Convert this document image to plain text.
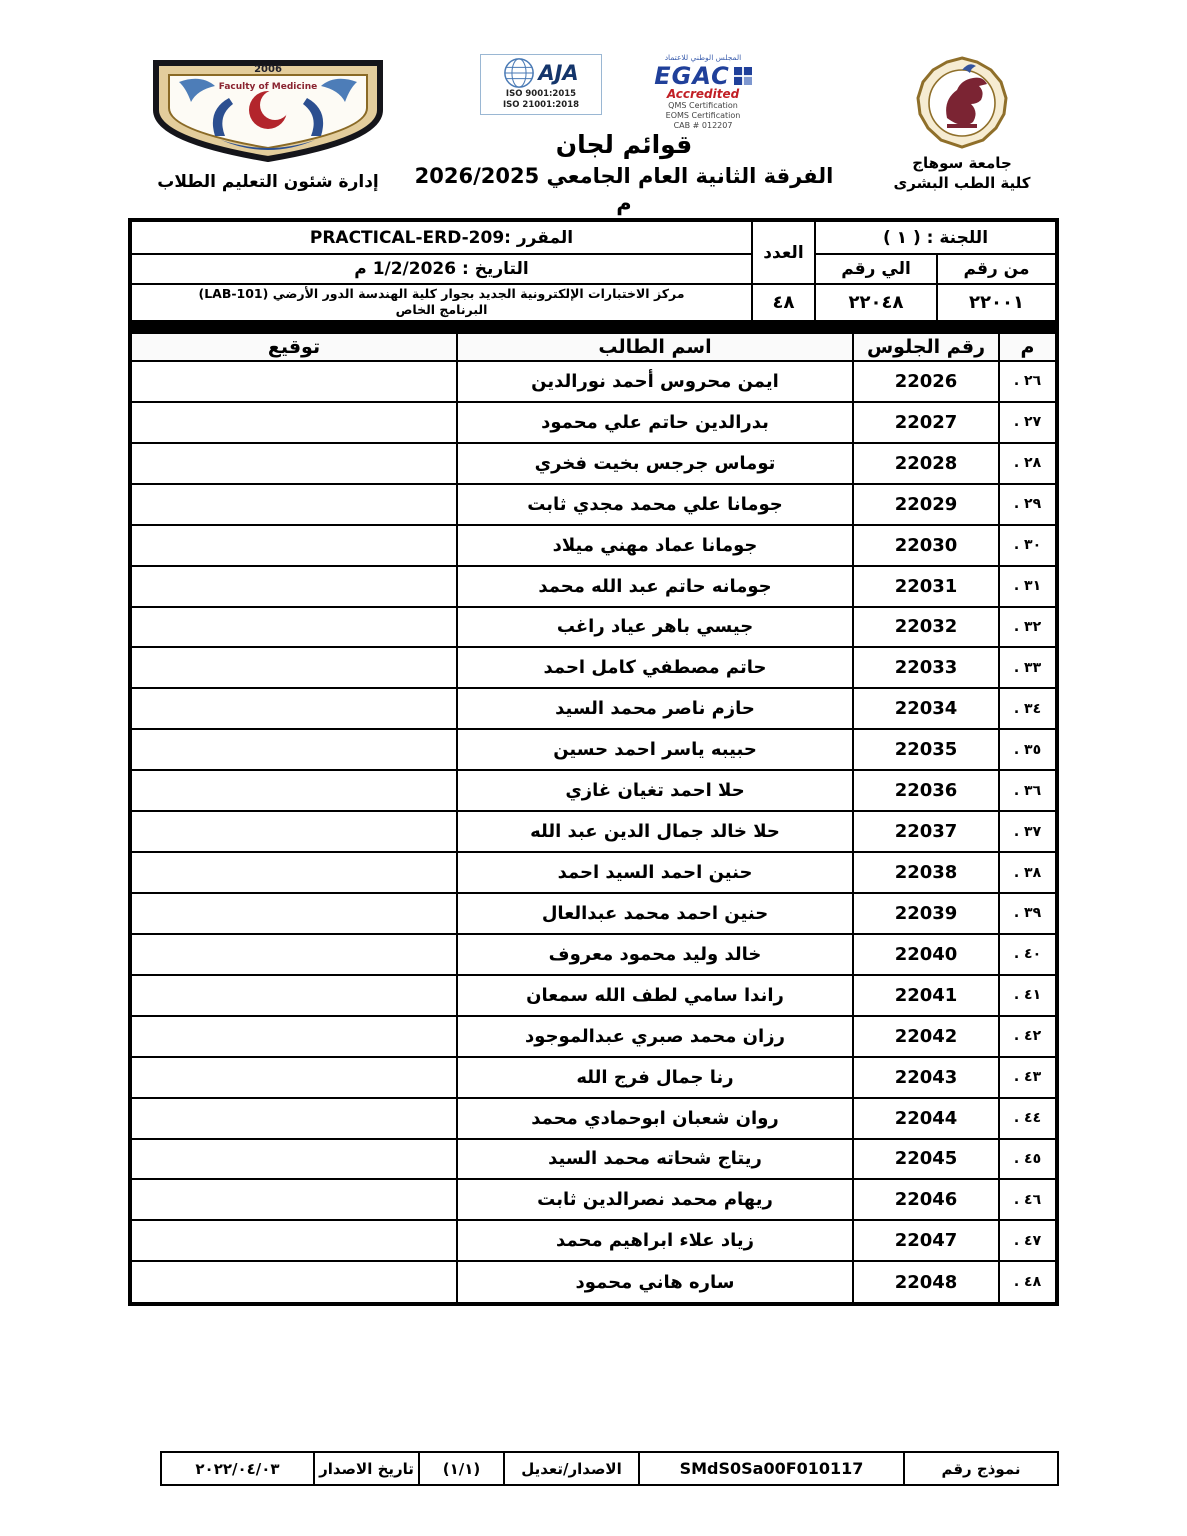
2006
Faculty of Medicine
إدارة شئون التعليم الطلاب
المجلس الوطني للاعتماد
EGAC
Accredited
QMS Certification
EOMS Certification
CAB # 012207
AJA
ISO 9001:2015
ISO 21001:2018
قوائم لجان
الفرقة الثانية العام الجامعي 2026/2025 م
جامعة سوهاج
كلية الطب البشرى
اللجنة : ( ١ )		العدد	المقرر :PRACTICAL-ERD-209
من رقم	الي رقم		التاريخ : 1/2/2026 م
٢٢٠٠١	٢٢٠٤٨	٤٨	مركز الاختبارات الإلكترونية الجديد بجوار كلية الهندسة الدور الأرضي (LAB-101)
البرنامج الخاص
م	رقم الجلوس	اسم الطالب	توقيع
٢٦ .	22026	ايمن محروس أحمد نورالدين	
٢٧ .	22027	بدرالدين حاتم علي محمود	
٢٨ .	22028	توماس جرجس بخيت فخري	
٢٩ .	22029	جومانا علي محمد مجدي ثابت	
٣٠ .	22030	جومانا عماد مهني ميلاد	
٣١ .	22031	جومانه حاتم عبد الله محمد	
٣٢ .	22032	جيسي باهر عياد راغب	
٣٣ .	22033	حاتم مصطفي كامل احمد	
٣٤ .	22034	حازم ناصر محمد السيد	
٣٥ .	22035	حبيبه ياسر احمد حسين	
٣٦ .	22036	حلا احمد تغيان غازي	
٣٧ .	22037	حلا خالد جمال الدين عبد الله	
٣٨ .	22038	حنين احمد السيد احمد	
٣٩ .	22039	حنين احمد محمد عبدالعال	
٤٠ .	22040	خالد وليد محمود معروف	
٤١ .	22041	راندا سامي لطف الله سمعان	
٤٢ .	22042	رزان محمد صبري عبدالموجود	
٤٣ .	22043	رنا جمال فرج الله	
٤٤ .	22044	روان شعبان ابوحمادي محمد	
٤٥ .	22045	ريتاج شحاته محمد السيد	
٤٦ .	22046	ريهام محمد نصرالدين ثابت	
٤٧ .	22047	زياد علاء ابراهيم محمد	
٤٨ .	22048	ساره هاني محمود	
نموذج رقم	SMdS0Sa00F010117	الاصدار/تعديل	(١/١)	تاريخ الاصدار	٢٠٢٢/٠٤/٠٣
